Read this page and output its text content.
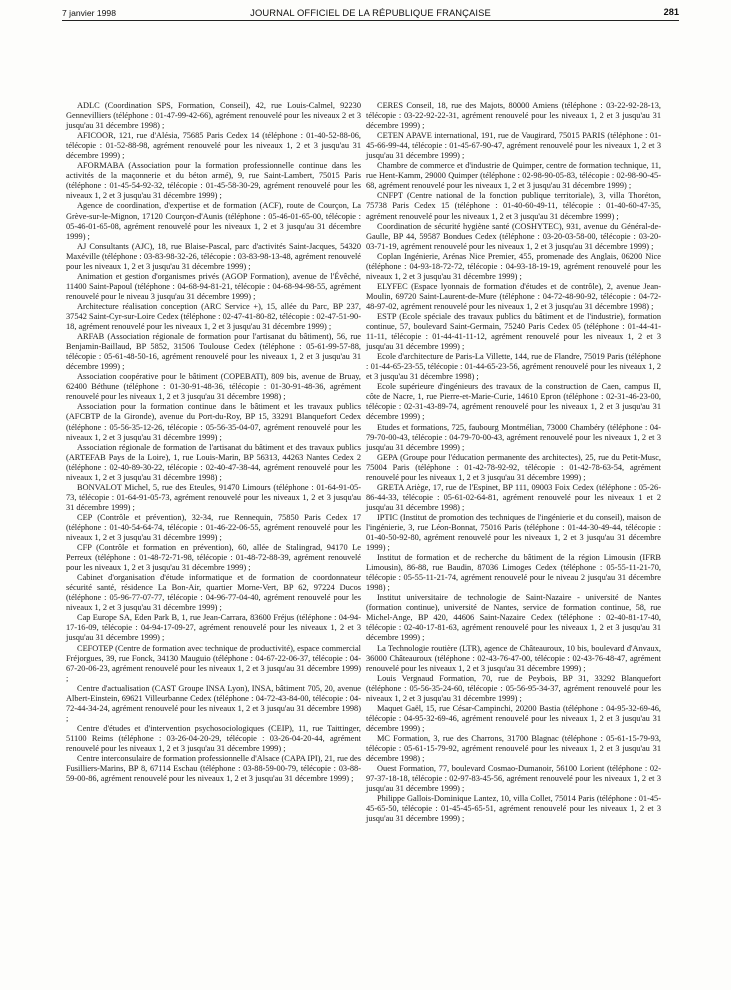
7 janvier 1998	JOURNAL OFFICIEL DE LA RÉPUBLIQUE FRANÇAISE	281

ADLC (Coordination SPS, Formation, Conseil), 42, rue Louis-Calmel, 92230 Gennevilliers (téléphone : 01-47-99-42-66), agrément renouvelé pour les niveaux 2 et 3 jusqu'au 31 décembre 1998) ;

AFICOOR, 121, rue d'Alésia, 75685 Paris Cedex 14 (téléphone : 01-40-52-88-06, télécopie : 01-52-88-98, agrément renouvelé pour les niveaux 1, 2 et 3 jusqu'au 31 décembre 1999) ;

AFORMABA (Association pour la formation professionnelle continue dans les activités de la maçonnerie et du béton armé), 9, rue Saint-Lambert, 75015 Paris (téléphone : 01-45-54-92-32, télécopie : 01-45-58-30-29, agrément renouvelé pour les niveaux 1, 2 et 3 jusqu'au 31 décembre 1999) ;

Agence de coordination, d'expertise et de formation (ACF), route de Courçon, La Grève-sur-le-Mignon, 17120 Courçon-d'Aunis (téléphone : 05-46-01-65-00, télécopie : 05-46-01-65-08, agrément renouvelé pour les niveaux 1, 2 et 3 jusqu'au 31 décembre 1999) ;

AJ Consultants (AJC), 18, rue Blaise-Pascal, parc d'activités Saint-Jacques, 54320 Maxéville (téléphone : 03-83-98-32-26, télécopie : 03-83-98-13-48, agrément renouvelé pour les niveaux 1, 2 et 3 jusqu'au 31 décembre 1999) ;

Animation et gestion d'organismes privés (AGOP Formation), avenue de l'Évêché, 11400 Saint-Papoul (téléphone : 04-68-94-81-21, télécopie : 04-68-94-98-55, agrément renouvelé pour le niveau 3 jusqu'au 31 décembre 1999) ;

Architecture réalisation conception (ARC Service +), 15, allée du Parc, BP 237, 37542 Saint-Cyr-sur-Loire Cedex (téléphone : 02-47-41-80-82, télécopie : 02-47-51-90-18, agrément renouvelé pour les niveaux 1, 2 et 3 jusqu'au 31 décembre 1999) ;

ARFAB (Association régionale de formation pour l'artisanat du bâtiment), 56, rue Benjamin-Baillaud, BP 5852, 31506 Toulouse Cedex (téléphone : 05-61-99-57-88, télécopie : 05-61-48-50-16, agrément renouvelé pour les niveaux 1, 2 et 3 jusqu'au 31 décembre 1999) ;

Association coopérative pour le bâtiment (COPEBATI), 809 bis, avenue de Bruay, 62400 Béthune (téléphone : 01-30-91-48-36, télécopie : 01-30-91-48-36, agrément renouvelé pour les niveaux 1, 2 et 3 jusqu'au 31 décembre 1998) ;

Association pour la formation continue dans le bâtiment et les travaux publics (AFCBTP de la Gironde), avenue du Port-du-Roy, BP 15, 33291 Blanquefort Cedex (téléphone : 05-56-35-12-26, télécopie : 05-56-35-04-07, agrément renouvelé pour les niveaux 1, 2 et 3 jusqu'au 31 décembre 1999) ;

Association régionale de formation de l'artisanat du bâtiment et des travaux publics (ARTEFAB Pays de la Loire), 1, rue Louis-Marin, BP 56313, 44263 Nantes Cedex 2 (téléphone : 02-40-89-30-22, télécopie : 02-40-47-38-44, agrément renouvelé pour les niveaux 1, 2 et 3 jusqu'au 31 décembre 1998) ;

BONVALOT Michel, 5, rue des Eteules, 91470 Limours (téléphone : 01-64-91-05-73, télécopie : 01-64-91-05-73, agrément renouvelé pour les niveaux 1, 2 et 3 jusqu'au 31 décembre 1999) ;

CEP (Contrôle et prévention), 32-34, rue Rennequin, 75850 Paris Cedex 17 (téléphone : 01-40-54-64-74, télécopie : 01-46-22-06-55, agrément renouvelé pour les niveaux 1, 2 et 3 jusqu'au 31 décembre 1999) ;

CFP (Contrôle et formation en prévention), 60, allée de Stalingrad, 94170 Le Perreux (téléphone : 01-48-72-71-98, télécopie : 01-48-72-88-39, agrément renouvelé pour les niveaux 1, 2 et 3 jusqu'au 31 décembre 1999) ;

Cabinet d'organisation d'étude informatique et de formation de coordonnateur sécurité santé, résidence La Bon-Air, quartier Morne-Vert, BP 62, 97224 Ducos (téléphone : 05-96-77-07-77, télécopie : 04-96-77-04-40, agrément renouvelé pour les niveaux 1, 2 et 3 jusqu'au 31 décembre 1999) ;

Cap Europe SA, Eden Park B, 1, rue Jean-Carrara, 83600 Fréjus (téléphone : 04-94-17-16-09, télécopie : 04-94-17-09-27, agrément renouvelé pour les niveaux 1, 2 et 3 jusqu'au 31 décembre 1999) ;

CEFOTEP (Centre de formation avec technique de productivité), espace commercial Fréjorgues, 39, rue Fonck, 34130 Mauguio (téléphone : 04-67-22-06-37, télécopie : 04-67-20-06-23, agrément renouvelé pour les niveaux 1, 2 et 3 jusqu'au 31 décembre 1999) ;

Centre d'actualisation (CAST Groupe INSA Lyon), INSA, bâtiment 705, 20, avenue Albert-Einstein, 69621 Villeurbanne Cedex (téléphone : 04-72-43-84-00, télécopie : 04-72-44-34-24, agrément renouvelé pour les niveaux 1, 2 et 3 jusqu'au 31 décembre 1998) ;

Centre d'études et d'intervention psychosociologiques (CEIP), 11, rue Taittinger, 51100 Reims (téléphone : 03-26-04-20-29, télécopie : 03-26-04-20-44, agrément renouvelé pour les niveaux 1, 2 et 3 jusqu'au 31 décembre 1999) ;

Centre interconsulaire de formation professionnelle d'Alsace (CAPA IPI), 21, rue des Fusilliers-Marins, BP 8, 67114 Eschau (téléphone : 03-88-59-00-79, télécopie : 03-88-59-00-86, agrément renouvelé pour les niveaux 1, 2 et 3 jusqu'au 31 décembre 1999) ;

CERES Conseil, 18, rue des Majots, 80000 Amiens (téléphone : 03-22-92-28-13, télécopie : 03-22-92-22-31, agrément renouvelé pour les niveaux 1, 2 et 3 jusqu'au 31 décembre 1999) ;

CETEN APAVE international, 191, rue de Vaugirard, 75015 PARIS (téléphone : 01-45-66-99-44, télécopie : 01-45-67-90-47, agrément renouvelé pour les niveaux 1, 2 et 3 jusqu'au 31 décembre 1999) ;

Chambre de commerce et d'industrie de Quimper, centre de formation technique, 11, rue Hent-Kamm, 29000 Quimper (téléphone : 02-98-90-05-83, télécopie : 02-98-90-45-68, agrément renouvelé pour les niveaux 1, 2 et 3 jusqu'au 31 décembre 1999) ;

CNFPT (Centre national de la fonction publique territoriale), 3, villa Thoréton, 75738 Paris Cedex 15 (téléphone : 01-40-60-49-11, télécopie : 01-40-60-47-35, agrément renouvelé pour les niveaux 1, 2 et 3 jusqu'au 31 décembre 1999) ;

Coordination de sécurité hygiène santé (COSHYTEC), 931, avenue du Général-de-Gaulle, BP 44, 59587 Bondues Cedex (téléphone : 03-20-03-58-00, télécopie : 03-20-03-71-19, agrément renouvelé pour les niveaux 1, 2 et 3 jusqu'au 31 décembre 1999) ;

Coplan Ingénierie, Arénas Nice Premier, 455, promenade des Anglais, 06200 Nice (téléphone : 04-93-18-72-72, télécopie : 04-93-18-19-19, agrément renouvelé pour les niveaux 1, 2 et 3 jusqu'au 31 décembre 1999) ;

ELYFEC (Espace lyonnais de formation d'études et de contrôle), 2, avenue Jean-Moulin, 69720 Saint-Laurent-de-Mure (téléphone : 04-72-48-90-92, télécopie : 04-72-48-97-02, agrément renouvelé pour les niveaux 1, 2 et 3 jusqu'au 31 décembre 1998) ;

ESTP (Ecole spéciale des travaux publics du bâtiment et de l'industrie), formation continue, 57, boulevard Saint-Germain, 75240 Paris Cedex 05 (téléphone : 01-44-41-11-11, télécopie : 01-44-41-11-12, agrément renouvelé pour les niveaux 1, 2 et 3 jusqu'au 31 décembre 1999) ;

Ecole d'architecture de Paris-La Villette, 144, rue de Flandre, 75019 Paris (téléphone : 01-44-65-23-55, télécopie : 01-44-65-23-56, agrément renouvelé pour les niveaux 1, 2 et 3 jusqu'au 31 décembre 1998) ;

Ecole supérieure d'ingénieurs des travaux de la construction de Caen, campus II, côte de Nacre, 1, rue Pierre-et-Marie-Curie, 14610 Epron (téléphone : 02-31-46-23-00, télécopie : 02-31-43-89-74, agrément renouvelé pour les niveaux 1, 2 et 3 jusqu'au 31 décembre 1999) ;

Etudes et formations, 725, faubourg Montmélian, 73000 Chambéry (téléphone : 04-79-70-00-43, télécopie : 04-79-70-00-43, agrément renouvelé pour les niveaux 1, 2 et 3 jusqu'au 31 décembre 1999) ;

GEPA (Groupe pour l'éducation permanente des architectes), 25, rue du Petit-Musc, 75004 Paris (téléphone : 01-42-78-92-92, télécopie : 01-42-78-63-54, agrément renouvelé pour les niveaux 1, 2 et 3 jusqu'au 31 décembre 1999) ;

GRETA Ariège, 17, rue de l'Espinet, BP 111, 09003 Foix Cedex (téléphone : 05-26-86-44-33, télécopie : 05-61-02-64-81, agrément renouvelé pour les niveaux 1 et 2 jusqu'au 31 décembre 1998) ;

IPTIC (Institut de promotion des techniques de l'ingénierie et du conseil), maison de l'ingénierie, 3, rue Léon-Bonnat, 75016 Paris (téléphone : 01-44-30-49-44, télécopie : 01-40-50-92-80, agrément renouvelé pour les niveaux 1, 2 et 3 jusqu'au 31 décembre 1999) ;

Institut de formation et de recherche du bâtiment de la région Limousin (IFRB Limousin), 86-88, rue Baudin, 87036 Limoges Cedex (téléphone : 05-55-11-21-70, télécopie : 05-55-11-21-74, agrément renouvelé pour le niveau 2 jusqu'au 31 décembre 1998) ;

Institut universitaire de technologie de Saint-Nazaire - université de Nantes (formation continue), université de Nantes, service de formation continue, 58, rue Michel-Ange, BP 420, 44606 Saint-Nazaire Cedex (téléphone : 02-40-81-17-40, télécopie : 02-40-17-81-63, agrément renouvelé pour les niveaux 1, 2 et 3 jusqu'au 31 décembre 1999) ;

La Technologie routière (LTR), agence de Châteauroux, 10 bis, boulevard d'Anvaux, 36000 Châteauroux (téléphone : 02-43-76-47-00, télécopie : 02-43-76-48-47, agrément renouvelé pour les niveaux 1, 2 et 3 jusqu'au 31 décembre 1999) ;

Louis Vergnaud Formation, 70, rue de Peybois, BP 31, 33292 Blanquefort (téléphone : 05-56-35-24-60, télécopie : 05-56-95-34-37, agrément renouvelé pour les niveaux 1, 2 et 3 jusqu'au 31 décembre 1999) ;

Maquet Gaël, 15, rue César-Campinchi, 20200 Bastia (téléphone : 04-95-32-69-46, télécopie : 04-95-32-69-46, agrément renouvelé pour les niveaux 1, 2 et 3 jusqu'au 31 décembre 1999) ;

MC Formation, 3, rue des Charrons, 31700 Blagnac (téléphone : 05-61-15-79-93, télécopie : 05-61-15-79-92, agrément renouvelé pour les niveaux 1, 2 et 3 jusqu'au 31 décembre 1998) ;

Ouest Formation, 77, boulevard Cosmao-Dumanoir, 56100 Lorient (téléphone : 02-97-37-18-18, télécopie : 02-97-83-45-56, agrément renouvelé pour les niveaux 1, 2 et 3 jusqu'au 31 décembre 1999) ;

Philippe Gallois-Dominique Lantez, 10, villa Collet, 75014 Paris (téléphone : 01-45-45-65-50, télécopie : 01-45-45-65-51, agrément renouvelé pour les niveaux 1, 2 et 3 jusqu'au 31 décembre 1999) ;
